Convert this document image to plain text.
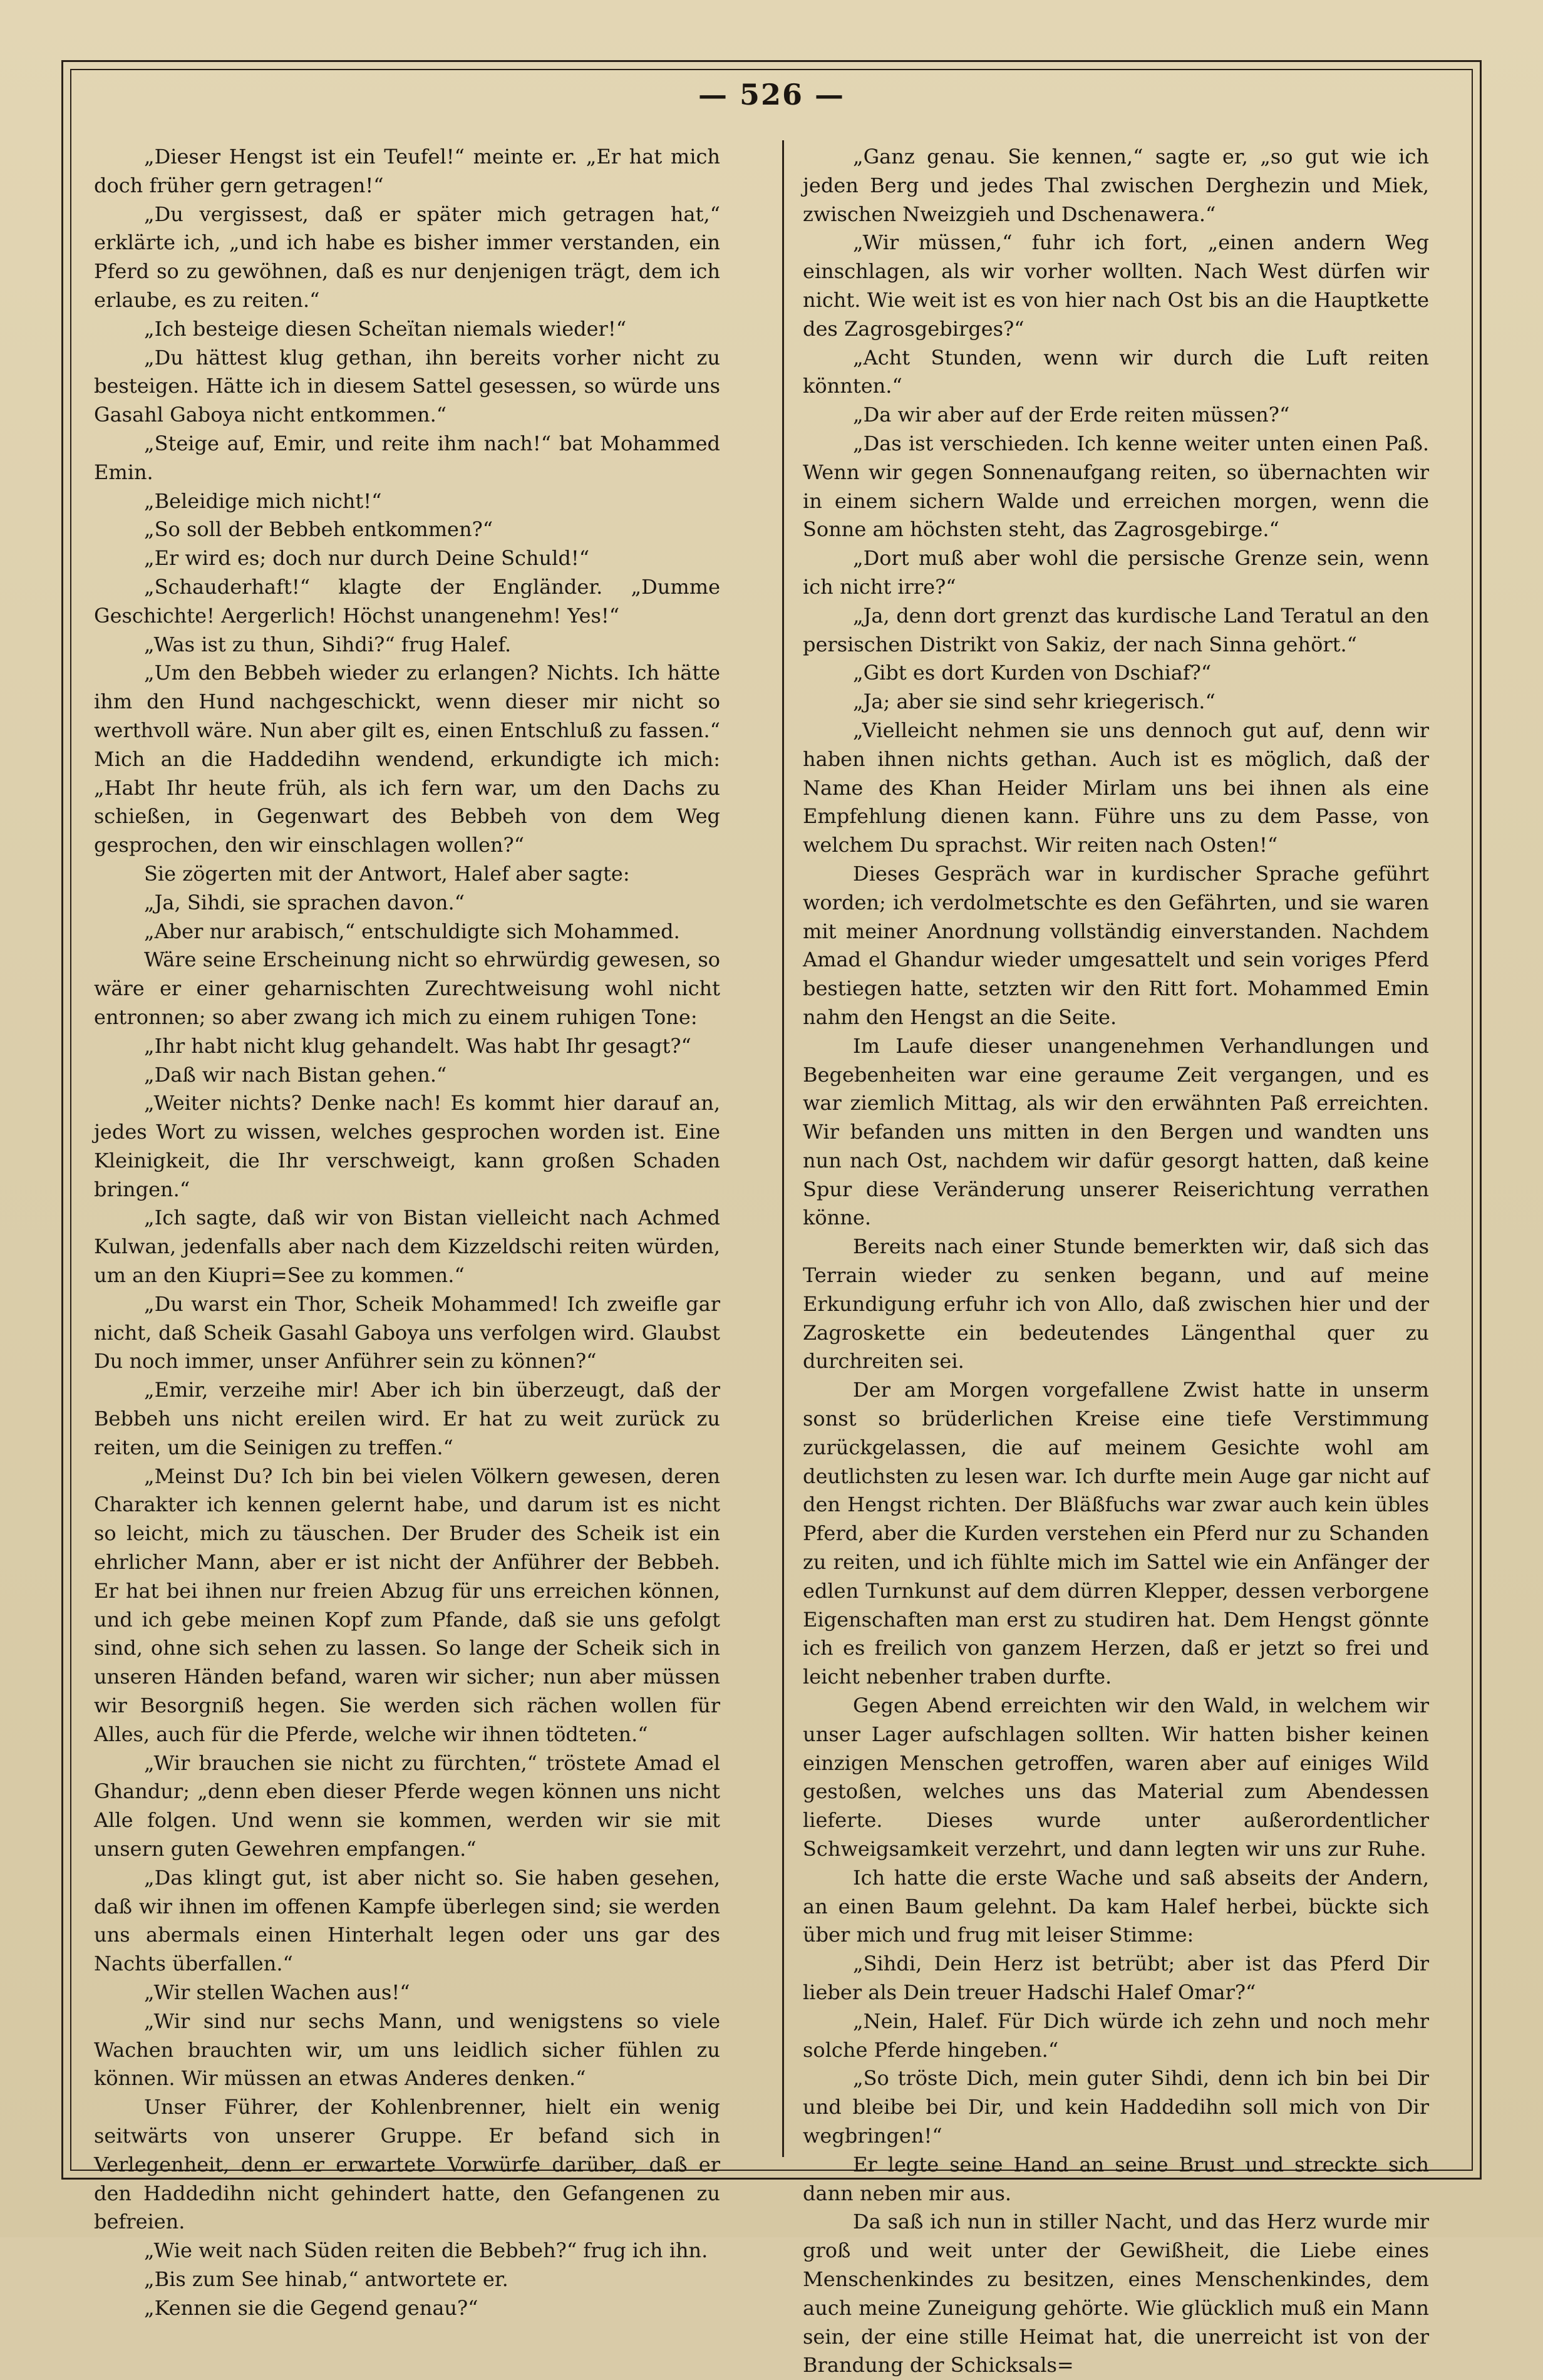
— 526 —

„Dieser Hengst ist ein Teufel!“ meinte er. „Er hat mich doch früher gern getragen!“

„Du vergissest, daß er später mich getragen hat,“ erklärte ich, „und ich habe es bisher immer verstanden, ein Pferd so zu gewöhnen, daß es nur denjenigen trägt, dem ich erlaube, es zu reiten.“

„Ich besteige diesen Scheïtan niemals wieder!“

„Du hättest klug gethan, ihn bereits vorher nicht zu besteigen. Hätte ich in diesem Sattel gesessen, so würde uns Gasahl Gaboya nicht entkommen.“

„Steige auf, Emir, und reite ihm nach!“ bat Mohammed Emin.

„Beleidige mich nicht!“

„So soll der Bebbeh entkommen?“

„Er wird es; doch nur durch Deine Schuld!“

„Schauderhaft!“ klagte der Engländer. „Dumme Geschichte! Aergerlich! Höchst unangenehm! Yes!“

„Was ist zu thun, Sihdi?“ frug Halef.

„Um den Bebbeh wieder zu erlangen? Nichts. Ich hätte ihm den Hund nachgeschickt, wenn dieser mir nicht so werthvoll wäre. Nun aber gilt es, einen Entschluß zu fassen.“ Mich an die Haddedihn wendend, erkundigte ich mich: „Habt Ihr heute früh, als ich fern war, um den Dachs zu schießen, in Gegenwart des Bebbeh von dem Weg gesprochen, den wir einschlagen wollen?“

Sie zögerten mit der Antwort, Halef aber sagte:

„Ja, Sihdi, sie sprachen davon.“

„Aber nur arabisch,“ entschuldigte sich Mohammed.

Wäre seine Erscheinung nicht so ehrwürdig gewesen, so wäre er einer geharnischten Zurechtweisung wohl nicht entronnen; so aber zwang ich mich zu einem ruhigen Tone:

„Ihr habt nicht klug gehandelt. Was habt Ihr gesagt?“

„Daß wir nach Bistan gehen.“

„Weiter nichts? Denke nach! Es kommt hier darauf an, jedes Wort zu wissen, welches gesprochen worden ist. Eine Kleinigkeit, die Ihr verschweigt, kann großen Schaden bringen.“

„Ich sagte, daß wir von Bistan vielleicht nach Achmed Kulwan, jedenfalls aber nach dem Kizzeldschi reiten würden, um an den Kiupri=See zu kommen.“

„Du warst ein Thor, Scheik Mohammed! Ich zweifle gar nicht, daß Scheik Gasahl Gaboya uns verfolgen wird. Glaubst Du noch immer, unser Anführer sein zu können?“

„Emir, verzeihe mir! Aber ich bin überzeugt, daß der Bebbeh uns nicht ereilen wird. Er hat zu weit zurück zu reiten, um die Seinigen zu treffen.“

„Meinst Du? Ich bin bei vielen Völkern gewesen, deren Charakter ich kennen gelernt habe, und darum ist es nicht so leicht, mich zu täuschen. Der Bruder des Scheik ist ein ehrlicher Mann, aber er ist nicht der Anführer der Bebbeh. Er hat bei ihnen nur freien Abzug für uns erreichen können, und ich gebe meinen Kopf zum Pfande, daß sie uns gefolgt sind, ohne sich sehen zu lassen. So lange der Scheik sich in unseren Händen befand, waren wir sicher; nun aber müssen wir Besorgniß hegen. Sie werden sich rächen wollen für Alles, auch für die Pferde, welche wir ihnen tödteten.“

„Wir brauchen sie nicht zu fürchten,“ tröstete Amad el Ghandur; „denn eben dieser Pferde wegen können uns nicht Alle folgen. Und wenn sie kommen, werden wir sie mit unsern guten Gewehren empfangen.“

„Das klingt gut, ist aber nicht so. Sie haben gesehen, daß wir ihnen im offenen Kampfe überlegen sind; sie werden uns abermals einen Hinterhalt legen oder uns gar des Nachts überfallen.“

„Wir stellen Wachen aus!“

„Wir sind nur sechs Mann, und wenigstens so viele Wachen brauchten wir, um uns leidlich sicher fühlen zu können. Wir müssen an etwas Anderes denken.“

Unser Führer, der Kohlenbrenner, hielt ein wenig seitwärts von unserer Gruppe. Er befand sich in Verlegenheit, denn er erwartete Vorwürfe darüber, daß er den Haddedihn nicht gehindert hatte, den Gefangenen zu befreien.

„Wie weit nach Süden reiten die Bebbeh?“ frug ich ihn.

„Bis zum See hinab,“ antwortete er.

„Kennen sie die Gegend genau?“

„Ganz genau. Sie kennen,“ sagte er, „so gut wie ich jeden Berg und jedes Thal zwischen Derghezin und Miek, zwischen Nweizgieh und Dschenawera.“

„Wir müssen,“ fuhr ich fort, „einen andern Weg einschlagen, als wir vorher wollten. Nach West dürfen wir nicht. Wie weit ist es von hier nach Ost bis an die Hauptkette des Zagrosgebirges?“

„Acht Stunden, wenn wir durch die Luft reiten könnten.“

„Da wir aber auf der Erde reiten müssen?“

„Das ist verschieden. Ich kenne weiter unten einen Paß. Wenn wir gegen Sonnenaufgang reiten, so übernachten wir in einem sichern Walde und erreichen morgen, wenn die Sonne am höchsten steht, das Zagrosgebirge.“

„Dort muß aber wohl die persische Grenze sein, wenn ich nicht irre?“

„Ja, denn dort grenzt das kurdische Land Teratul an den persischen Distrikt von Sakiz, der nach Sinna gehört.“

„Gibt es dort Kurden von Dschiaf?“

„Ja; aber sie sind sehr kriegerisch.“

„Vielleicht nehmen sie uns dennoch gut auf, denn wir haben ihnen nichts gethan. Auch ist es möglich, daß der Name des Khan Heider Mirlam uns bei ihnen als eine Empfehlung dienen kann. Führe uns zu dem Passe, von welchem Du sprachst. Wir reiten nach Osten!“

Dieses Gespräch war in kurdischer Sprache geführt worden; ich verdolmetschte es den Gefährten, und sie waren mit meiner Anordnung vollständig einverstanden. Nachdem Amad el Ghandur wieder umgesattelt und sein voriges Pferd bestiegen hatte, setzten wir den Ritt fort. Mohammed Emin nahm den Hengst an die Seite.

Im Laufe dieser unangenehmen Verhandlungen und Begebenheiten war eine geraume Zeit vergangen, und es war ziemlich Mittag, als wir den erwähnten Paß erreichten. Wir befanden uns mitten in den Bergen und wandten uns nun nach Ost, nachdem wir dafür gesorgt hatten, daß keine Spur diese Veränderung unserer Reiserichtung verrathen könne.

Bereits nach einer Stunde bemerkten wir, daß sich das Terrain wieder zu senken begann, und auf meine Erkundigung erfuhr ich von Allo, daß zwischen hier und der Zagroskette ein bedeutendes Längenthal quer zu durchreiten sei.

Der am Morgen vorgefallene Zwist hatte in unserm sonst so brüderlichen Kreise eine tiefe Verstimmung zurückgelassen, die auf meinem Gesichte wohl am deutlichsten zu lesen war. Ich durfte mein Auge gar nicht auf den Hengst richten. Der Bläßfuchs war zwar auch kein übles Pferd, aber die Kurden verstehen ein Pferd nur zu Schanden zu reiten, und ich fühlte mich im Sattel wie ein Anfänger der edlen Turnkunst auf dem dürren Klepper, dessen verborgene Eigenschaften man erst zu studiren hat. Dem Hengst gönnte ich es freilich von ganzem Herzen, daß er jetzt so frei und leicht nebenher traben durfte.

Gegen Abend erreichten wir den Wald, in welchem wir unser Lager aufschlagen sollten. Wir hatten bisher keinen einzigen Menschen getroffen, waren aber auf einiges Wild gestoßen, welches uns das Material zum Abendessen lieferte. Dieses wurde unter außerordentlicher Schweigsamkeit verzehrt, und dann legten wir uns zur Ruhe.

Ich hatte die erste Wache und saß abseits der Andern, an einen Baum gelehnt. Da kam Halef herbei, bückte sich über mich und frug mit leiser Stimme:

„Sihdi, Dein Herz ist betrübt; aber ist das Pferd Dir lieber als Dein treuer Hadschi Halef Omar?“

„Nein, Halef. Für Dich würde ich zehn und noch mehr solche Pferde hingeben.“

„So tröste Dich, mein guter Sihdi, denn ich bin bei Dir und bleibe bei Dir, und kein Haddedihn soll mich von Dir wegbringen!“

Er legte seine Hand an seine Brust und streckte sich dann neben mir aus.

Da saß ich nun in stiller Nacht, und das Herz wurde mir groß und weit unter der Gewißheit, die Liebe eines Menschenkindes zu besitzen, eines Menschenkindes, dem auch meine Zuneigung gehörte. Wie glücklich muß ein Mann sein, der eine stille Heimat hat, die unerreicht ist von der Brandung der Schicksals=
